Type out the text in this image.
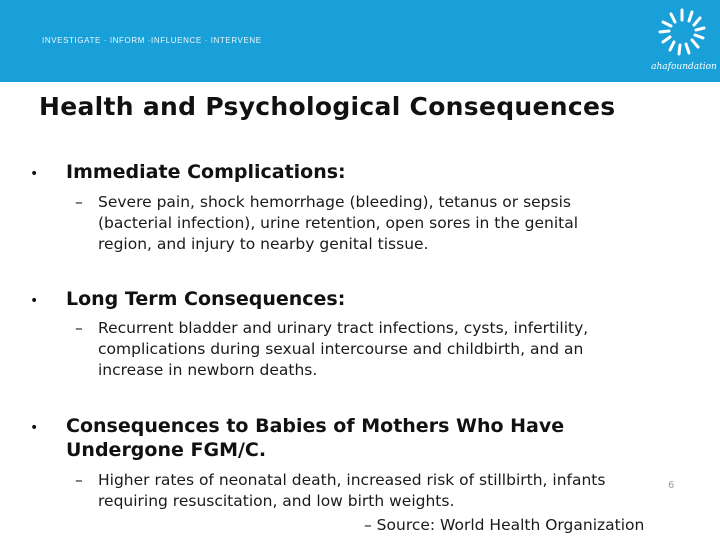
INVESTIGATE · INFORM ·INFLUENCE · INTERVENE
ahafoundation
Health and Psychological Consequences
• Immediate Complications:
– Severe pain, shock hemorrhage (bleeding), tetanus or sepsis
(bacterial infection), urine retention, open sores in the genital
region, and injury to nearby genital tissue.
• Long Term Consequences:
– Recurrent bladder and urinary tract infections, cysts, infertility,
complications during sexual intercourse and childbirth, and an
increase in newborn deaths.
• Consequences to Babies of Mothers Who Have
Undergone FGM/C.
– Higher rates of neonatal death, increased risk of stillbirth, infants
requiring resuscitation, and low birth weights.
6
– Source: World Health Organization
